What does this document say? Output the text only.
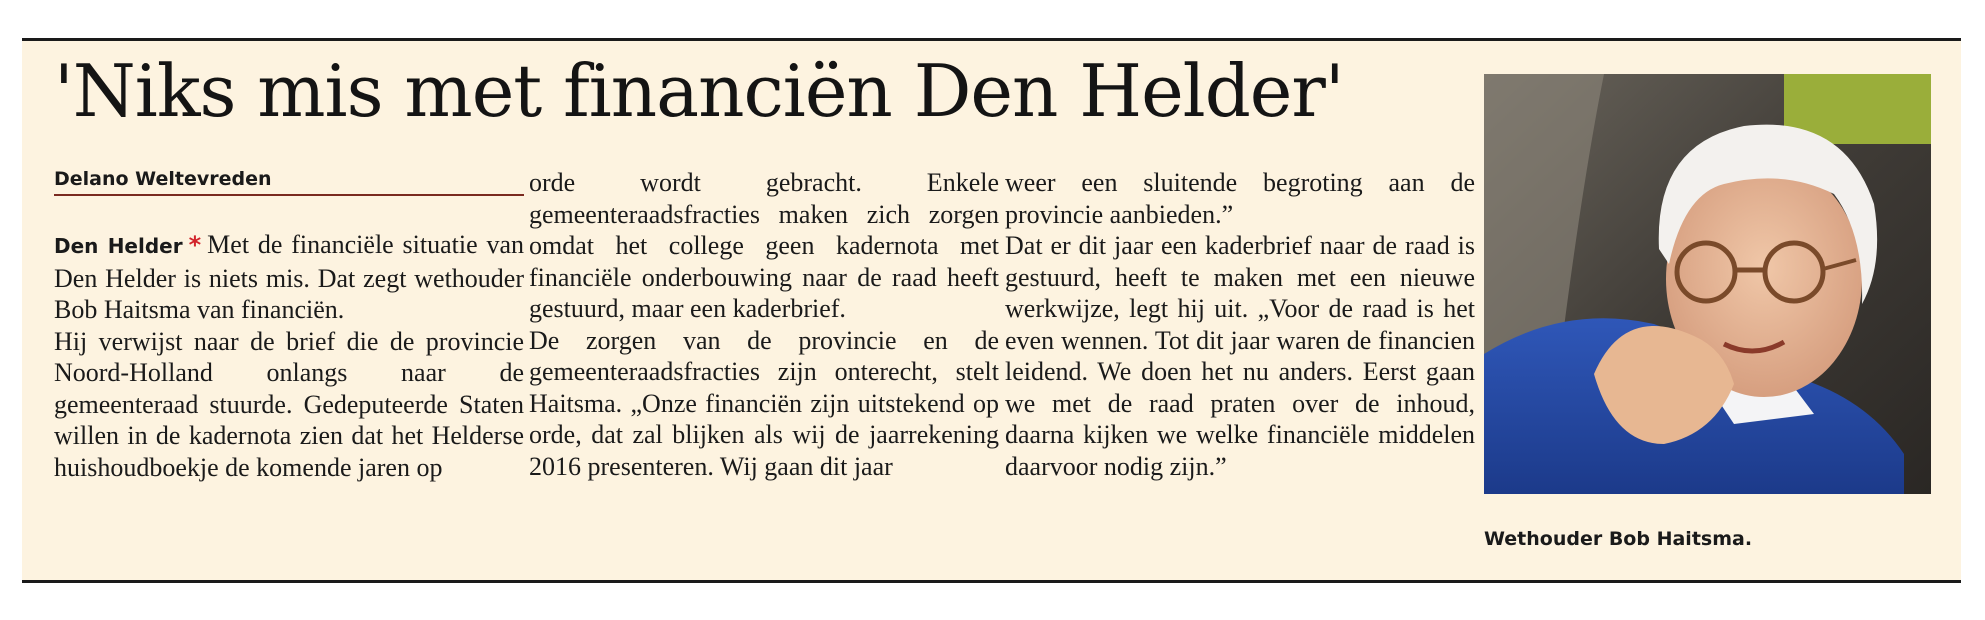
'Niks mis met financiën Den Helder'
Delano Weltevreden

Den Helder * Met de financiële situatie van Den Helder is niets mis. Dat zegt wethouder Bob Haitsma van financiën.

Hij verwijst naar de brief die de provincie Noord-Holland onlangs naar de gemeenteraad stuurde. Gedeputeerde Staten willen in de kadernota zien dat het Helderse huishoudboekje de komende jaren op

orde wordt gebracht. Enkele gemeenteraadsfracties maken zich zorgen omdat het college geen kadernota met financiële onderbouwing naar de raad heeft gestuurd, maar een kaderbrief.

De zorgen van de provincie en de gemeenteraadsfracties zijn onterecht, stelt Haitsma. „Onze financiën zijn uitstekend op orde, dat zal blijken als wij de jaarrekening 2016 presenteren. Wij gaan dit jaar

weer een sluitende begroting aan de provincie aanbieden.”

Dat er dit jaar een kaderbrief naar de raad is gestuurd, heeft te maken met een nieuwe werkwijze, legt hij uit. „Voor de raad is het even wennen. Tot dit jaar waren de financien leidend. We doen het nu anders. Eerst gaan we met de raad praten over de inhoud, daarna kijken we welke financiële middelen daarvoor nodig zijn.”

Wethouder Bob Haitsma.
